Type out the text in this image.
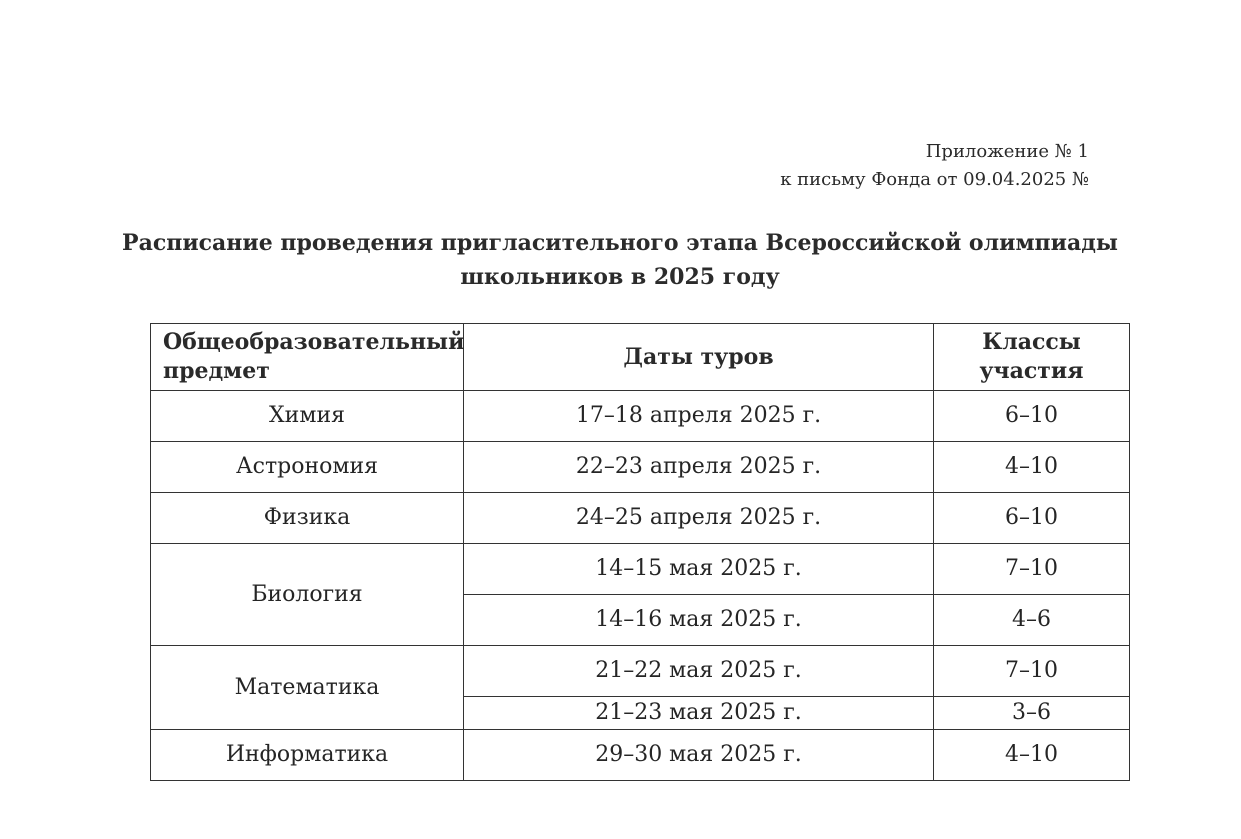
Приложение № 1
к письму Фонда от 09.04.2025 №
Расписание проведения пригласительного этапа Всероссийской олимпиады
школьников в 2025 году
Общеобразовательный
предмет	Даты туров	Классы
участия
Химия	17–18 апреля 2025 г.	6–10
Астрономия	22–23 апреля 2025 г.	4–10
Физика	24–25 апреля 2025 г.	6–10
Биология	14–15 мая 2025 г.	7–10
	14–16 мая 2025 г.	4–6
Математика	21–22 мая 2025 г.	7–10
	21–23 мая 2025 г.	3–6
Информатика	29–30 мая 2025 г.	4–10
